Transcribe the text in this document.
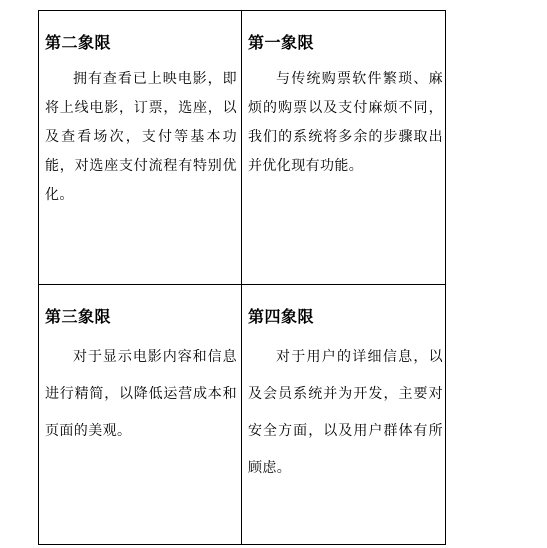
第二象限

拥有查看已上映电影，即将上线电影，订票，选座，以及查看场次，支付等基本功能，对选座支付流程有特别优化。

第一象限

与传统购票软件繁琐、麻烦的购票以及支付麻烦不同，我们的系统将多余的步骤取出并优化现有功能。

第三象限

对于显示电影内容和信息进行精简，以降低运营成本和页面的美观。

第四象限

对于用户的详细信息，以及会员系统并为开发，主要对安全方面，以及用户群体有所顾虑。
